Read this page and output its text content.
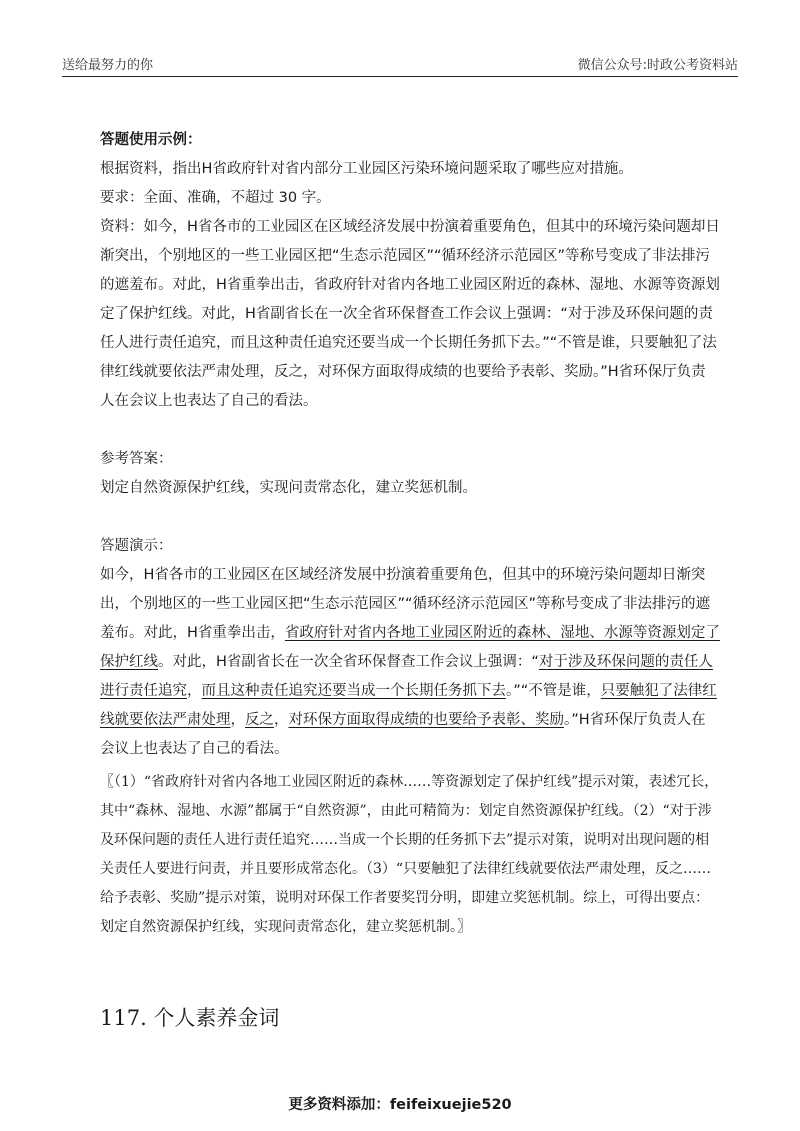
送给最努力的你	微信公众号:时政公考资料站

答题使用示例：

根据资料，指出H省政府针对省内部分工业园区污染环境问题采取了哪些应对措施。

要求：全面、准确，不超过 30 字。

资料：如今，H省各市的工业园区在区域经济发展中扮演着重要角色，但其中的环境污染问题却日渐突出，个别地区的一些工业园区把“生态示范园区”“循环经济示范园区”等称号变成了非法排污的遮羞布。对此，H省重拳出击，省政府针对省内各地工业园区附近的森林、湿地、水源等资源划定了保护红线。对此，H省副省长在一次全省环保督查工作会议上强调：“对于涉及环保问题的责任人进行责任追究，而且这种责任追究还要当成一个长期任务抓下去。”“不管是谁，只要触犯了法律红线就要依法严肃处理，反之，对环保方面取得成绩的也要给予表彰、奖励。”H省环保厅负责人在会议上也表达了自己的看法。

参考答案：

划定自然资源保护红线，实现问责常态化，建立奖惩机制。

答题演示：

如今，H省各市的工业园区在区域经济发展中扮演着重要角色，但其中的环境污染问题却日渐突出，个别地区的一些工业园区把“生态示范园区”“循环经济示范园区”等称号变成了非法排污的遮羞布。对此，H省重拳出击，省政府针对省内各地工业园区附近的森林、湿地、水源等资源划定了保护红线。对此，H省副省长在一次全省环保督查工作会议上强调：“对于涉及环保问题的责任人进行责任追究，而且这种责任追究还要当成一个长期任务抓下去。”“不管是谁，只要触犯了法律红线就要依法严肃处理，反之，对环保方面取得成绩的也要给予表彰、奖励。”H省环保厅负责人在会议上也表达了自己的看法。

〖（1）“省政府针对省内各地工业园区附近的森林……等资源划定了保护红线”提示对策，表述冗长，其中“森林、湿地、水源”都属于“自然资源”，由此可精简为：划定自然资源保护红线。（2）“对于涉及环保问题的责任人进行责任追究……当成一个长期的任务抓下去”提示对策，说明对出现问题的相关责任人要进行问责，并且要形成常态化。（3）“只要触犯了法律红线就要依法严肃处理，反之……给予表彰、奖励”提示对策，说明对环保工作者要奖罚分明，即建立奖惩机制。综上，可得出要点：划定自然资源保护红线，实现问责常态化，建立奖惩机制。〗

117. 个人素养金词
更多资料添加：feifeixuejie520
